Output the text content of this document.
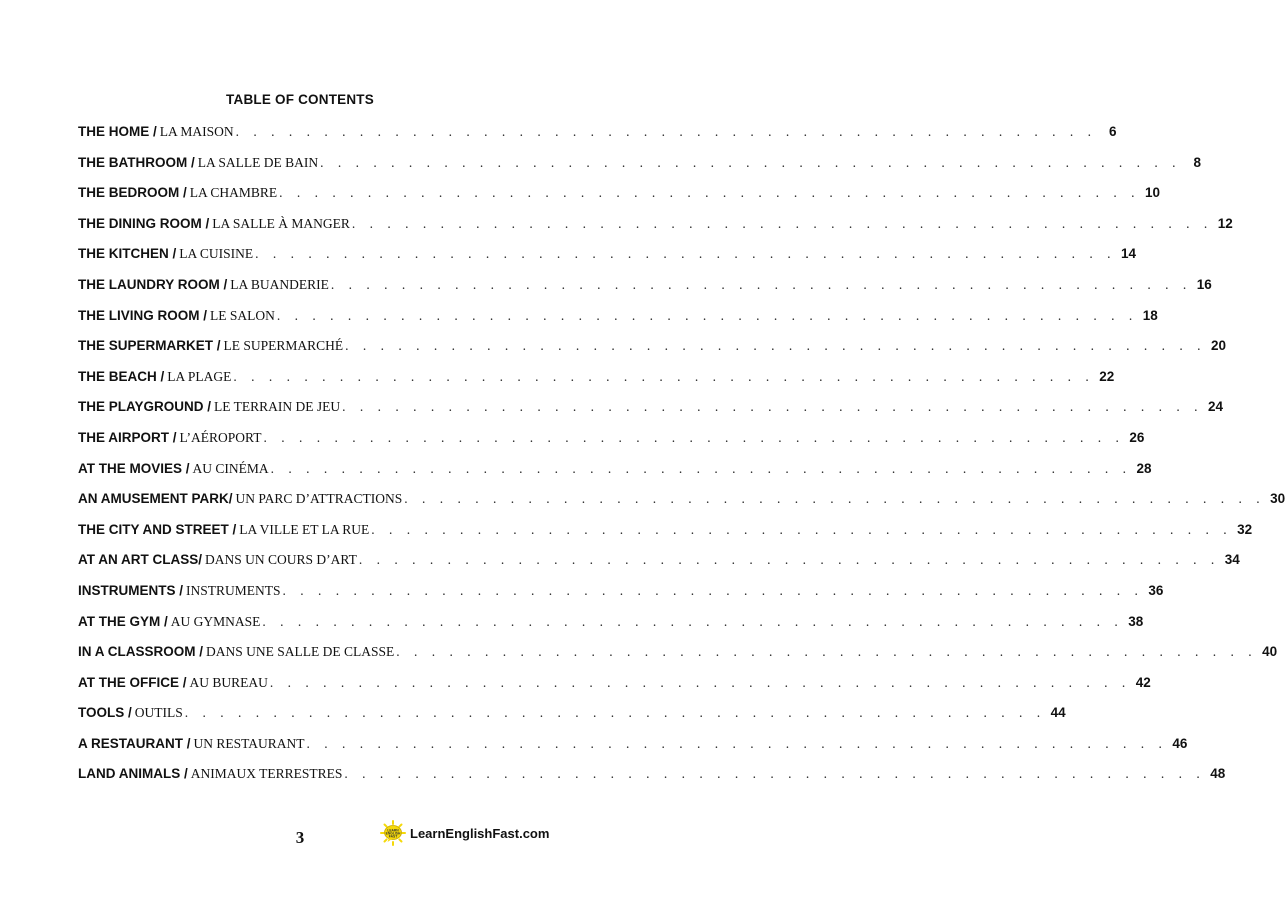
TABLE OF CONTENTS
THE HOME / LA MAISON . . . . . . . . . . . . . . . . . . . . . . . . . . . . . . . . . . . . . . . . . . . . . . . . . 6
THE BATHROOM / LA SALLE DE BAIN . . . . . . . . . . . . . . . . . . . . . . . . . . . . . . . . . . . . . . . . . . . . . . . . . 8
THE BEDROOM / LA CHAMBRE . . . . . . . . . . . . . . . . . . . . . . . . . . . . . . . . . . . . . . . . . . . . . . . . . 10
THE DINING ROOM / LA SALLE À MANGER . . . . . . . . . . . . . . . . . . . . . . . . . . . . . . . . . . . . . . . . . . . . . . . . . 12
THE KITCHEN / LA CUISINE . . . . . . . . . . . . . . . . . . . . . . . . . . . . . . . . . . . . . . . . . . . . . . . . . 14
THE LAUNDRY ROOM / LA BUANDERIE . . . . . . . . . . . . . . . . . . . . . . . . . . . . . . . . . . . . . . . . . . . . . . . . . 16
THE LIVING ROOM / LE SALON . . . . . . . . . . . . . . . . . . . . . . . . . . . . . . . . . . . . . . . . . . . . . . . . . 18
THE SUPERMARKET / LE SUPERMARCHÉ . . . . . . . . . . . . . . . . . . . . . . . . . . . . . . . . . . . . . . . . . . . . . . . . . 20
THE BEACH / LA PLAGE . . . . . . . . . . . . . . . . . . . . . . . . . . . . . . . . . . . . . . . . . . . . . . . . . 22
THE PLAYGROUND / LE TERRAIN DE JEU . . . . . . . . . . . . . . . . . . . . . . . . . . . . . . . . . . . . . . . . . . . . . . . . . 24
THE AIRPORT / L’AÉROPORT . . . . . . . . . . . . . . . . . . . . . . . . . . . . . . . . . . . . . . . . . . . . . . . . . 26
AT THE MOVIES / AU CINÉMA . . . . . . . . . . . . . . . . . . . . . . . . . . . . . . . . . . . . . . . . . . . . . . . . . 28
AN AMUSEMENT PARK/ UN PARC D’ATTRACTIONS . . . . . . . . . . . . . . . . . . . . . . . . . . . . . . . . . . . . . . . . . . . . . . . . . 30
THE CITY AND STREET / LA VILLE ET LA RUE . . . . . . . . . . . . . . . . . . . . . . . . . . . . . . . . . . . . . . . . . . . . . . . . . 32
AT AN ART CLASS/ DANS UN COURS D’ART . . . . . . . . . . . . . . . . . . . . . . . . . . . . . . . . . . . . . . . . . . . . . . . . . 34
INSTRUMENTS / INSTRUMENTS . . . . . . . . . . . . . . . . . . . . . . . . . . . . . . . . . . . . . . . . . . . . . . . . . 36
AT THE GYM / AU GYMNASE . . . . . . . . . . . . . . . . . . . . . . . . . . . . . . . . . . . . . . . . . . . . . . . . . 38
IN A CLASSROOM / DANS UNE SALLE DE CLASSE . . . . . . . . . . . . . . . . . . . . . . . . . . . . . . . . . . . . . . . . . . . . . . . . . 40
AT THE OFFICE / AU BUREAU . . . . . . . . . . . . . . . . . . . . . . . . . . . . . . . . . . . . . . . . . . . . . . . . . 42
TOOLS / OUTILS . . . . . . . . . . . . . . . . . . . . . . . . . . . . . . . . . . . . . . . . . . . . . . . . . 44
A RESTAURANT / UN RESTAURANT . . . . . . . . . . . . . . . . . . . . . . . . . . . . . . . . . . . . . . . . . . . . . . . . . 46
LAND ANIMALS / ANIMAUX TERRESTRES . . . . . . . . . . . . . . . . . . . . . . . . . . . . . . . . . . . . . . . . . . . . . . . . . 48
3	LEARN
ENGLISH
FAST LearnEnglishFast.com
